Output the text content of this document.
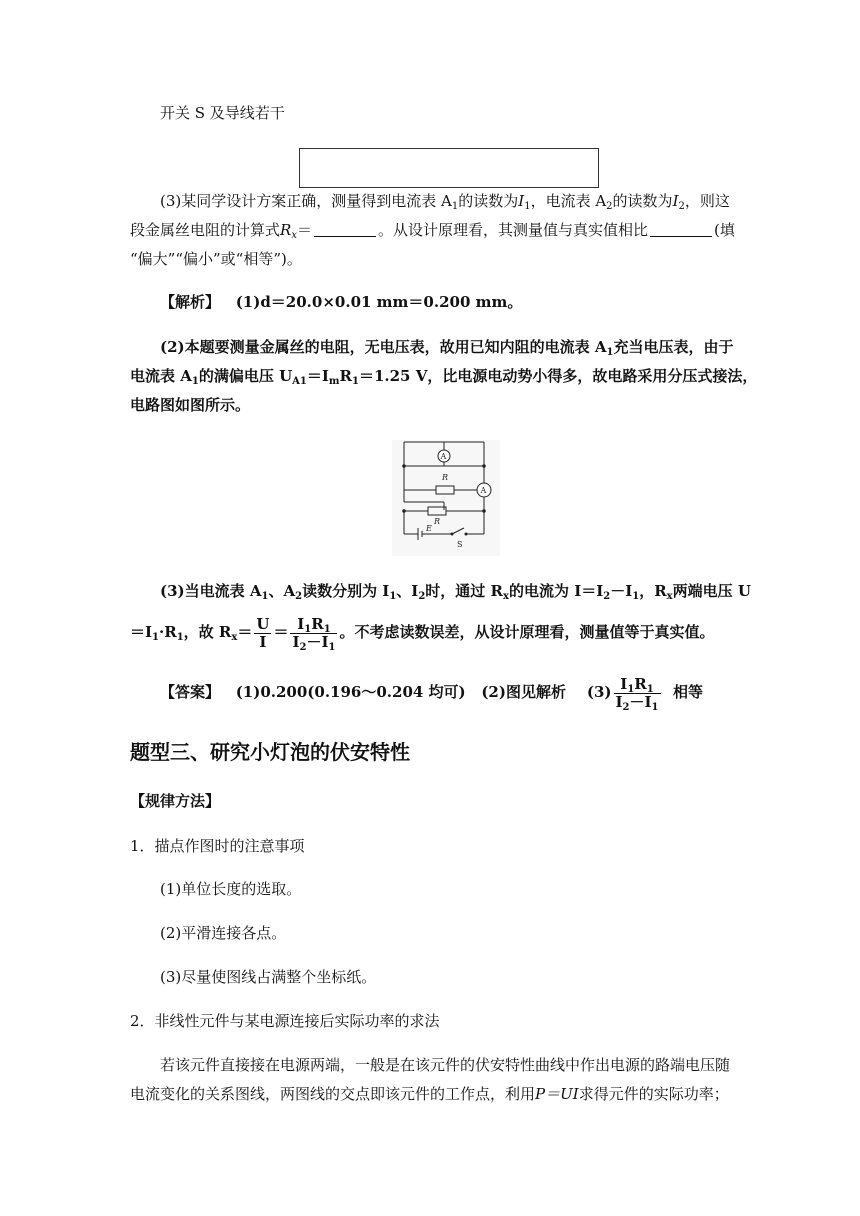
开关 S 及导线若干
(3)某同学设计方案正确，测量得到电流表 $A_1$的读数为$I_1$，电流表 $A_2$的读数为$I_2$，则这
段金属丝电阻的计算式$R_x=$	。从设计原理看，其测量值与真实值相比	(填
“偏大”“偏小”或“相等”)。
【解析】 (1)d＝20.0×0.01 mm＝0.200 mm。
(2)本题要测量金属丝的电阻，无电压表，故用已知内阻的电流表 $A_1$充当电压表，由于
电流表 $A_1$的满偏电压 $U_{A1}=I_mR_1=1.25$ V，比电源电动势小得多，故电路采用分压式接法，
电路图如图所示。
A
A
R
R
E
S
(3)当电流表 $A_1$、$A_2$读数分别为 $I_1$、$I_2$时，通过 $R_x$的电流为 $I=I_2-I_1$，$R_x$两端电压 U
$=I_1\cdot R_1$，故 $R_x= \frac{U}{I} = \frac{I_1R_1}{I_2-I_1}$ 。不考虑读数误差，从设计原理看，测量值等于真实值。
【答案】 (1)0.200(0.196～0.204 均可) (2)图见解析 $(3) \frac{I_1R_1}{I_2-I_1}$ 相等
题型三、研究小灯泡的伏安特性
【规律方法】
1．描点作图时的注意事项
(1)单位长度的选取。
(2)平滑连接各点。
(3)尽量使图线占满整个坐标纸。
2．非线性元件与某电源连接后实际功率的求法
若该元件直接接在电源两端，一般是在该元件的伏安特性曲线中作出电源的路端电压随
电流变化的关系图线，两图线的交点即该元件的工作点，利用P＝UI求得元件的实际功率；
